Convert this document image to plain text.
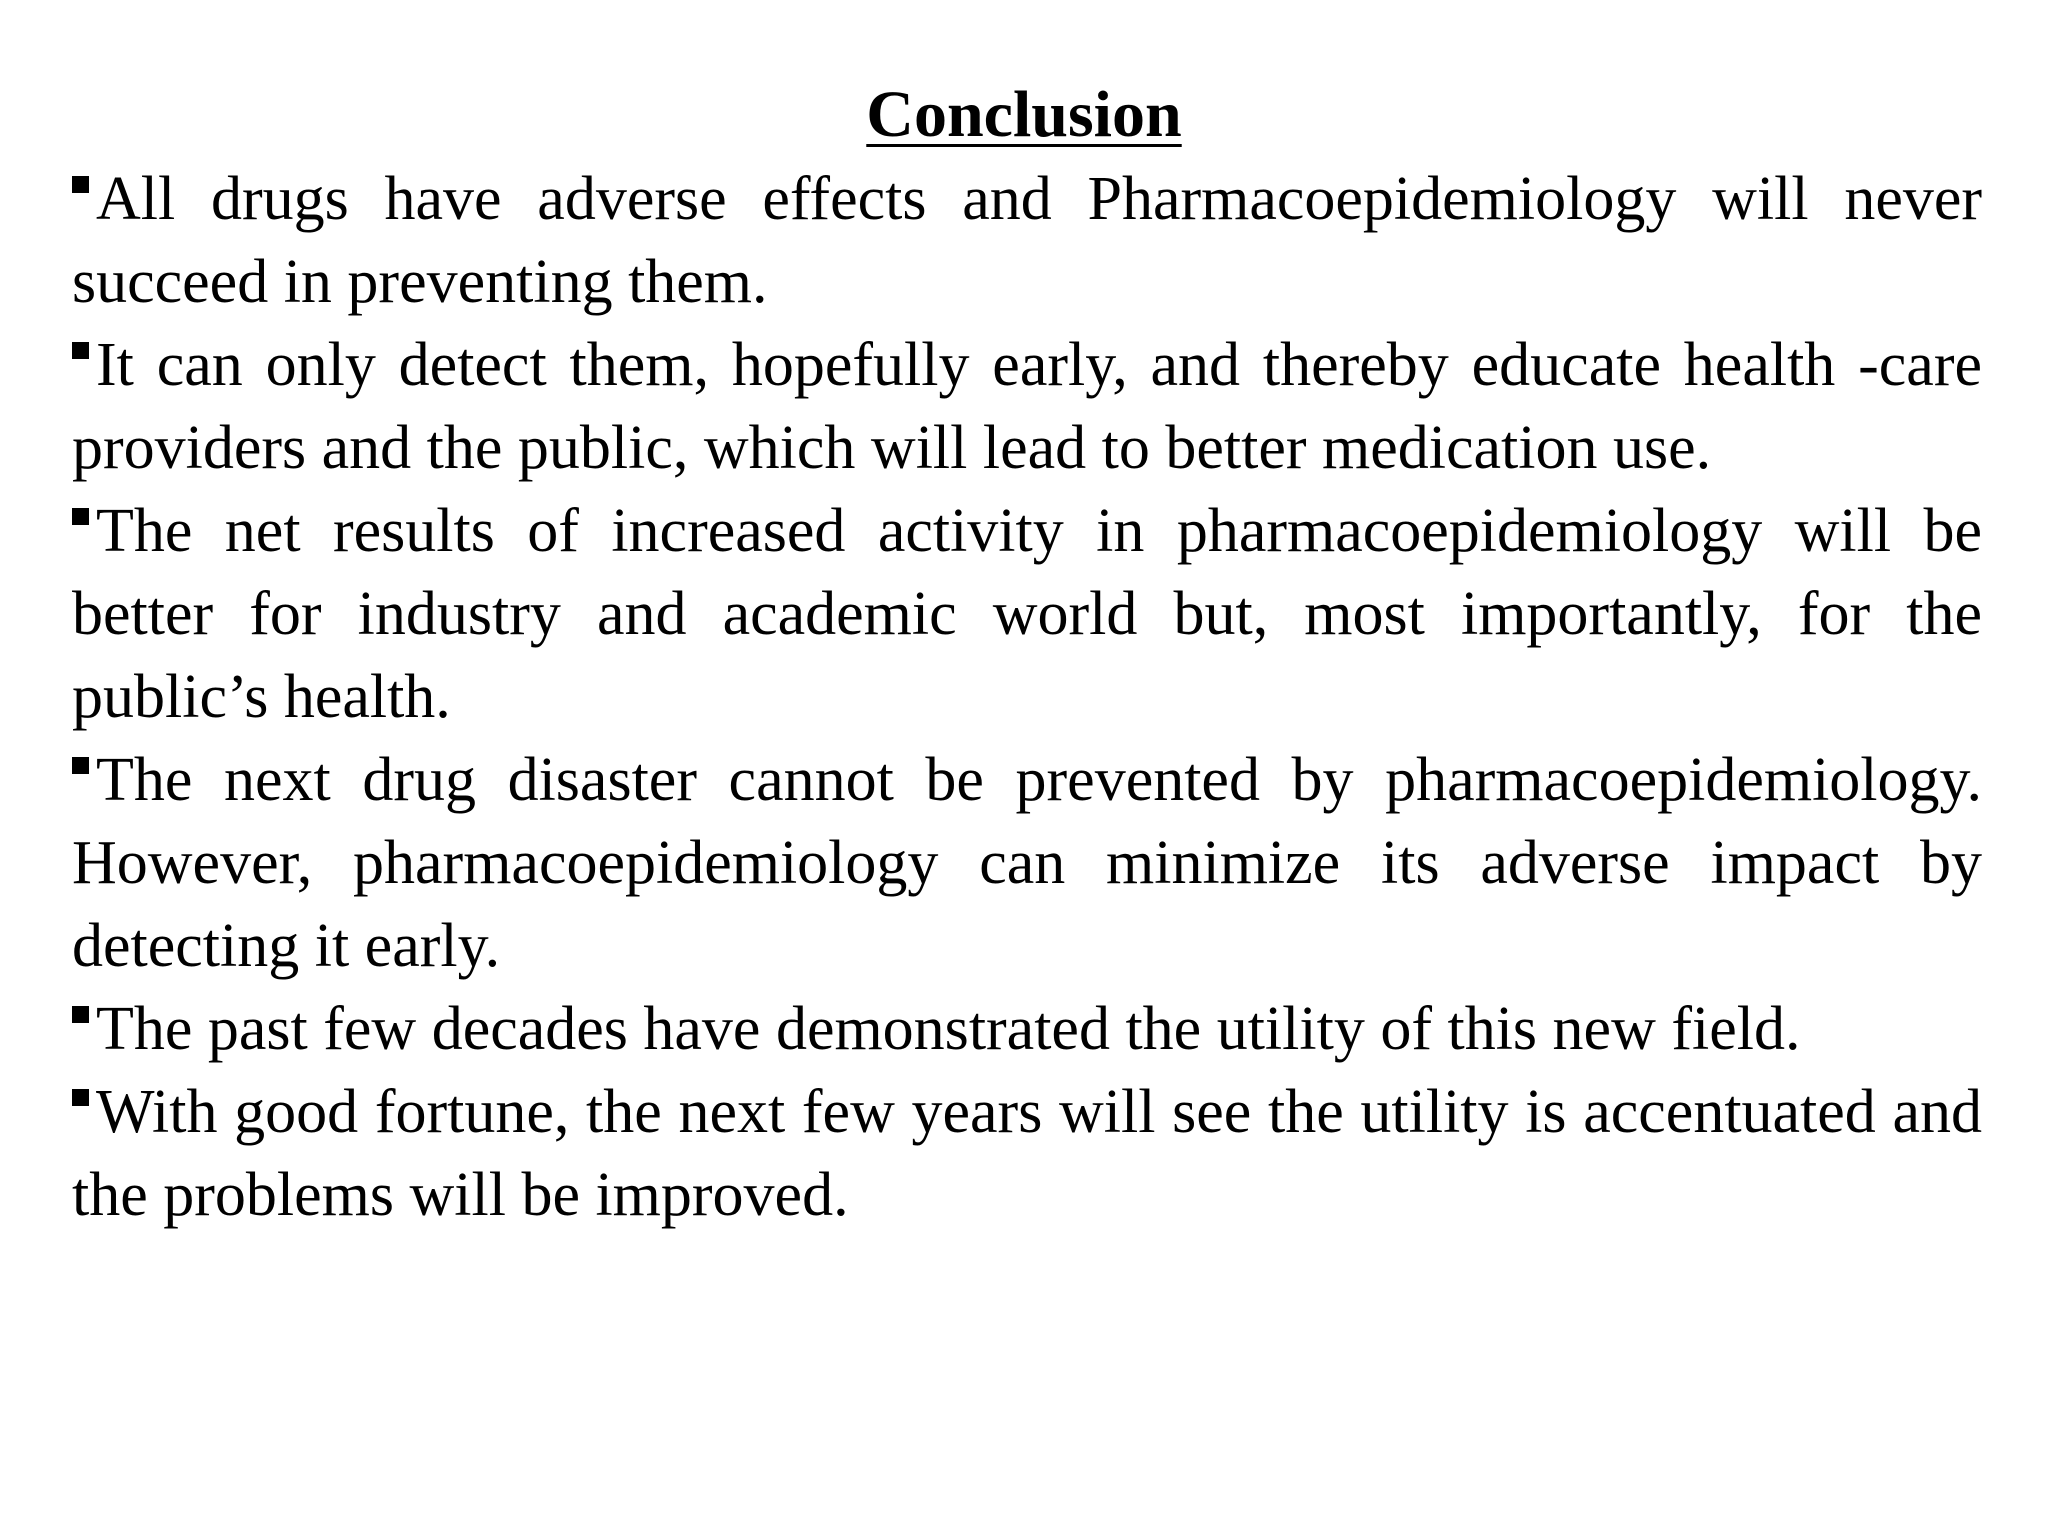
Conclusion
All drugs have adverse effects and Pharmacoepidemiology will never succeed in preventing them.
It can only detect them, hopefully early, and thereby educate health -care providers and the public, which will lead to better medication use.
The net results of increased activity in pharmacoepidemiology will be better for industry and academic world but, most importantly, for the public’s health.
The next drug disaster cannot be prevented by pharmacoepidemiology. However, pharmacoepidemiology can minimize its adverse impact by detecting it early.
The past few decades have demonstrated the utility of this new field.
With good fortune, the next few years will see the utility is accentuated and the problems will be improved.
